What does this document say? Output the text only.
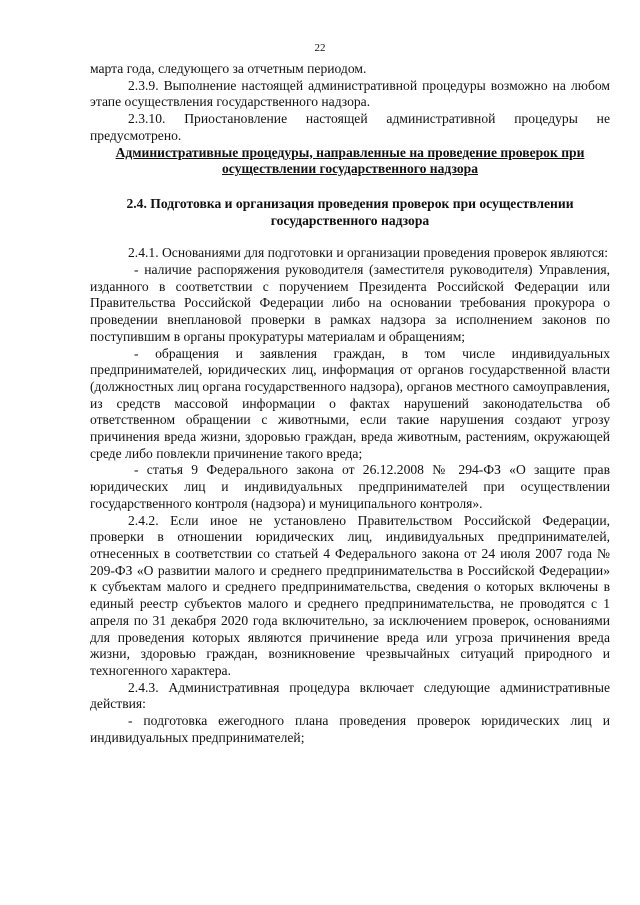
22

марта года, следующего за отчетным периодом.

2.3.9. Выполнение настоящей административной процедуры возможно на любом этапе осуществления государственного надзора.

2.3.10. Приостановление настоящей административной процедуры не предусмотрено.

Административные процедуры, направленные на проведение проверок при осуществлении государственного надзора

2.4. Подготовка и организация проведения проверок при осуществлении государственного надзора

2.4.1. Основаниями для подготовки и организации проведения проверок являются:

- наличие распоряжения руководителя (заместителя руководителя) Управления, изданного в соответствии с поручением Президента Российской Федерации или Правительства Российской Федерации либо на основании требования прокурора о проведении внеплановой проверки в рамках надзора за исполнением законов по поступившим в органы прокуратуры материалам и обращениям;

- обращения и заявления граждан, в том числе индивидуальных предпринимателей, юридических лиц, информация от органов государственной власти (должностных лиц органа государственного надзора), органов местного самоуправления, из средств массовой информации о фактах нарушений законодательства об ответственном обращении с животными, если такие нарушения создают угрозу причинения вреда жизни, здоровью граждан, вреда животным, растениям, окружающей среде либо повлекли причинение такого вреда;

- статья 9 Федерального закона от 26.12.2008 № 294-ФЗ «О защите прав юридических лиц и индивидуальных предпринимателей при осуществлении государственного контроля (надзора) и муниципального контроля».

2.4.2. Если иное не установлено Правительством Российской Федерации, проверки в отношении юридических лиц, индивидуальных предпринимателей, отнесенных в соответствии со статьей 4 Федерального закона от 24 июля 2007 года № 209-ФЗ «О развитии малого и среднего предпринимательства в Российской Федерации» к субъектам малого и среднего предпринимательства, сведения о которых включены в единый реестр субъектов малого и среднего предпринимательства, не проводятся с 1 апреля по 31 декабря 2020 года включительно, за исключением проверок, основаниями для проведения которых являются причинение вреда или угроза причинения вреда жизни, здоровью граждан, возникновение чрезвычайных ситуаций природного и техногенного характера.

2.4.3. Административная процедура включает следующие административные действия:

- подготовка ежегодного плана проведения проверок юридических лиц и индивидуальных предпринимателей;
